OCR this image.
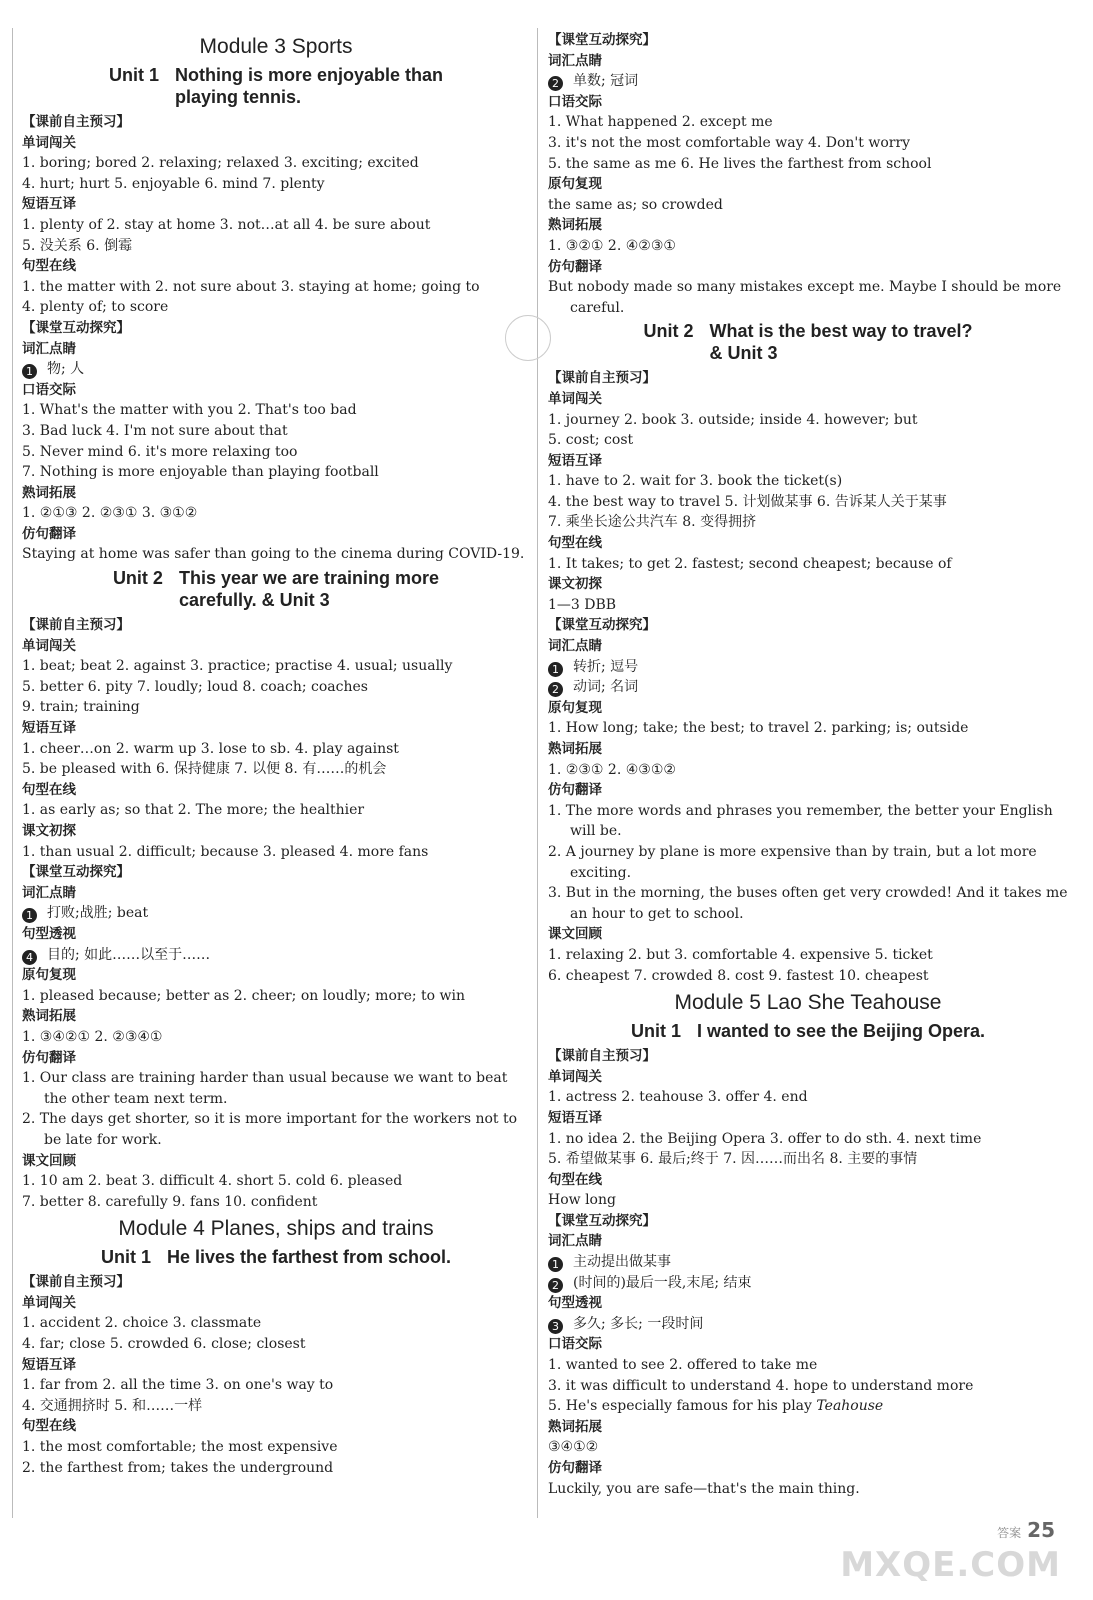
Module 3 Sports
Unit 1 Nothing is more enjoyable than
playing tennis.
【课前自主预习】
单词闯关
1. boring; bored 2. relaxing; relaxed 3. exciting; excited
4. hurt; hurt 5. enjoyable 6. mind 7. plenty
短语互译
1. plenty of 2. stay at home 3. not…at all 4. be sure about
5. 没关系 6. 倒霉
句型在线
1. the matter with 2. not sure about 3. staying at home; going to
4. plenty of; to score
【课堂互动探究】
词汇点睛
1 物; 人
口语交际
1. What's the matter with you 2. That's too bad
3. Bad luck 4. I'm not sure about that
5. Never mind 6. it's more relaxing too
7. Nothing is more enjoyable than playing football
熟词拓展
1. ②①③ 2. ②③① 3. ③①②
仿句翻译
Staying at home was safer than going to the cinema during COVID-19.
Unit 2 This year we are training more
carefully. & Unit 3
【课前自主预习】
单词闯关
1. beat; beat 2. against 3. practice; practise 4. usual; usually
5. better 6. pity 7. loudly; loud 8. coach; coaches
9. train; training
短语互译
1. cheer…on 2. warm up 3. lose to sb. 4. play against
5. be pleased with 6. 保持健康 7. 以便 8. 有……的机会
句型在线
1. as early as; so that 2. The more; the healthier
课文初探
1. than usual 2. difficult; because 3. pleased 4. more fans
【课堂互动探究】
词汇点睛
1 打败;战胜; beat
句型透视
4 目的; 如此……以至于……
原句复现
1. pleased because; better as 2. cheer; on loudly; more; to win
熟词拓展
1. ③④②① 2. ②③④①
仿句翻译
1. Our class are training harder than usual because we want to beat the other team next term.
2. The days get shorter, so it is more important for the workers not to be late for work.
课文回顾
1. 10 am 2. beat 3. difficult 4. short 5. cold 6. pleased
7. better 8. carefully 9. fans 10. confident
Module 4 Planes, ships and trains
Unit 1 He lives the farthest from school.
【课前自主预习】
单词闯关
1. accident 2. choice 3. classmate
4. far; close 5. crowded 6. close; closest
短语互译
1. far from 2. all the time 3. on one's way to
4. 交通拥挤时 5. 和……一样
句型在线
1. the most comfortable; the most expensive
2. the farthest from; takes the underground
【课堂互动探究】
词汇点睛
2 单数; 冠词
口语交际
1. What happened 2. except me
3. it's not the most comfortable way 4. Don't worry
5. the same as me 6. He lives the farthest from school
原句复现
the same as; so crowded
熟词拓展
1. ③②① 2. ④②③①
仿句翻译
But nobody made so many mistakes except me. Maybe I should be more careful.
Unit 2 What is the best way to travel?
& Unit 3
【课前自主预习】
单词闯关
1. journey 2. book 3. outside; inside 4. however; but
5. cost; cost
短语互译
1. have to 2. wait for 3. book the ticket(s)
4. the best way to travel 5. 计划做某事 6. 告诉某人关于某事
7. 乘坐长途公共汽车 8. 变得拥挤
句型在线
1. It takes; to get 2. fastest; second cheapest; because of
课文初探
1—3 DBB
【课堂互动探究】
词汇点睛
1 转折; 逗号
2 动词; 名词
原句复现
1. How long; take; the best; to travel 2. parking; is; outside
熟词拓展
1. ②③① 2. ④③①②
仿句翻译
1. The more words and phrases you remember, the better your English will be.
2. A journey by plane is more expensive than by train, but a lot more exciting.
3. But in the morning, the buses often get very crowded! And it takes me an hour to get to school.
课文回顾
1. relaxing 2. but 3. comfortable 4. expensive 5. ticket
6. cheapest 7. crowded 8. cost 9. fastest 10. cheapest
Module 5 Lao She Teahouse
Unit 1 I wanted to see the Beijing Opera.
【课前自主预习】
单词闯关
1. actress 2. teahouse 3. offer 4. end
短语互译
1. no idea 2. the Beijing Opera 3. offer to do sth. 4. next time
5. 希望做某事 6. 最后;终于 7. 因……而出名 8. 主要的事情
句型在线
How long
【课堂互动探究】
词汇点睛
1 主动提出做某事
2 (时间的)最后一段,末尾; 结束
句型透视
3 多久; 多长; 一段时间
口语交际
1. wanted to see 2. offered to take me
3. it was difficult to understand 4. hope to understand more
5. He's especially famous for his play Teahouse
熟词拓展
③④①②
仿句翻译
Luckily, you are safe—that's the main thing.
答案 25
MXQE.COM
